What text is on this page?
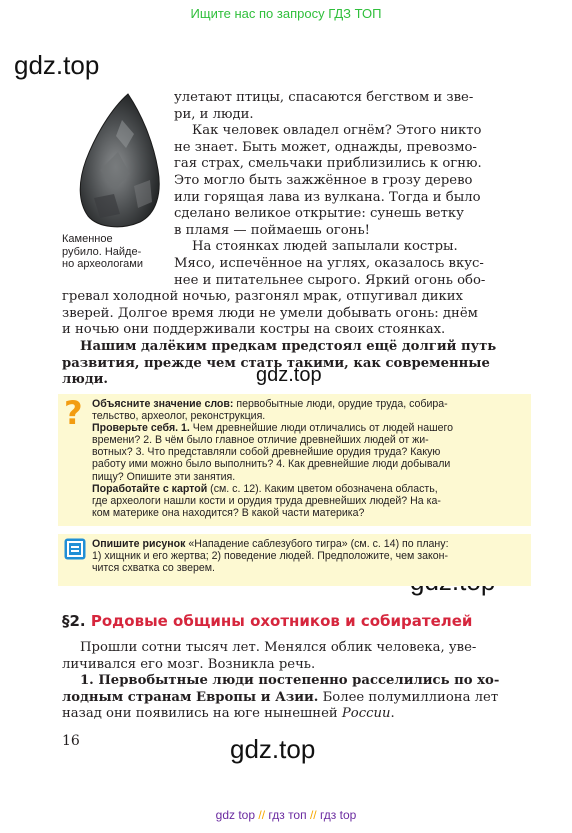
Ищите нас по запросу ГДЗ ТОП
gdz.top
gdz.top
gdz.top
Каменное
рубило. Найде-
но археологами

улетают птицы, спасаются бегством и зве-

ри, и люди.

Как человек овладел огнём? Этого никто

не знает. Быть может, однажды, превозмо-

гая страх, смельчаки приблизились к огню.

Это могло быть зажжённое в грозу дерево

или горящая лава из вулкана. Тогда и было

сделано великое открытие: сунешь ветку

в пламя — поймаешь огонь!

На стоянках людей запылали костры.

Мясо, испечённое на углях, оказалось вкус-

нее и питательнее сырого. Яркий огонь обо-

гревал холодной ночью, разгонял мрак, отпугивал диких

зверей. Долгое время люди не умели добывать огонь: днём

и ночью они поддерживали костры на своих стоянках.

Нашим далёким предкам предстоял ещё долгий путь

развития, прежде чем стать такими, как современные

люди.

? Объясните значение слов: первобытные люди, орудие труда, собира-
тельство, археолог, реконструкция.
Проверьте себя. 1. Чем древнейшие люди отличались от людей нашего
времени? 2. В чём было главное отличие древнейших людей от жи-
вотных? 3. Что представляли собой древнейшие орудия труда? Какую
работу ими можно было выполнить? 4. Как древнейшие люди добывали
пищу? Опишите эти занятия.
Поработайте с картой (см. с. 12). Каким цветом обозначена область,
где археологи нашли кости и орудия труда древнейших людей? На ка-
ком материке она находится? В какой части материка?
Опишите рисунок «Нападение саблезубого тигра» (см. с. 14) по плану:
1) хищник и его жертва; 2) поведение людей. Предположите, чем закон-
чится схватка со зверем.
§2. Родовые общины охотников и собирателей

Прошли сотни тысяч лет. Менялся облик человека, уве-

личивался его мозг. Возникла речь.

1. Первобытные люди постепенно расселились по хо-

лодным странам Европы и Азии. Более полумиллиона лет

назад они появились на юге нынешней России.

16
gdz top // гдз топ // гдз top
